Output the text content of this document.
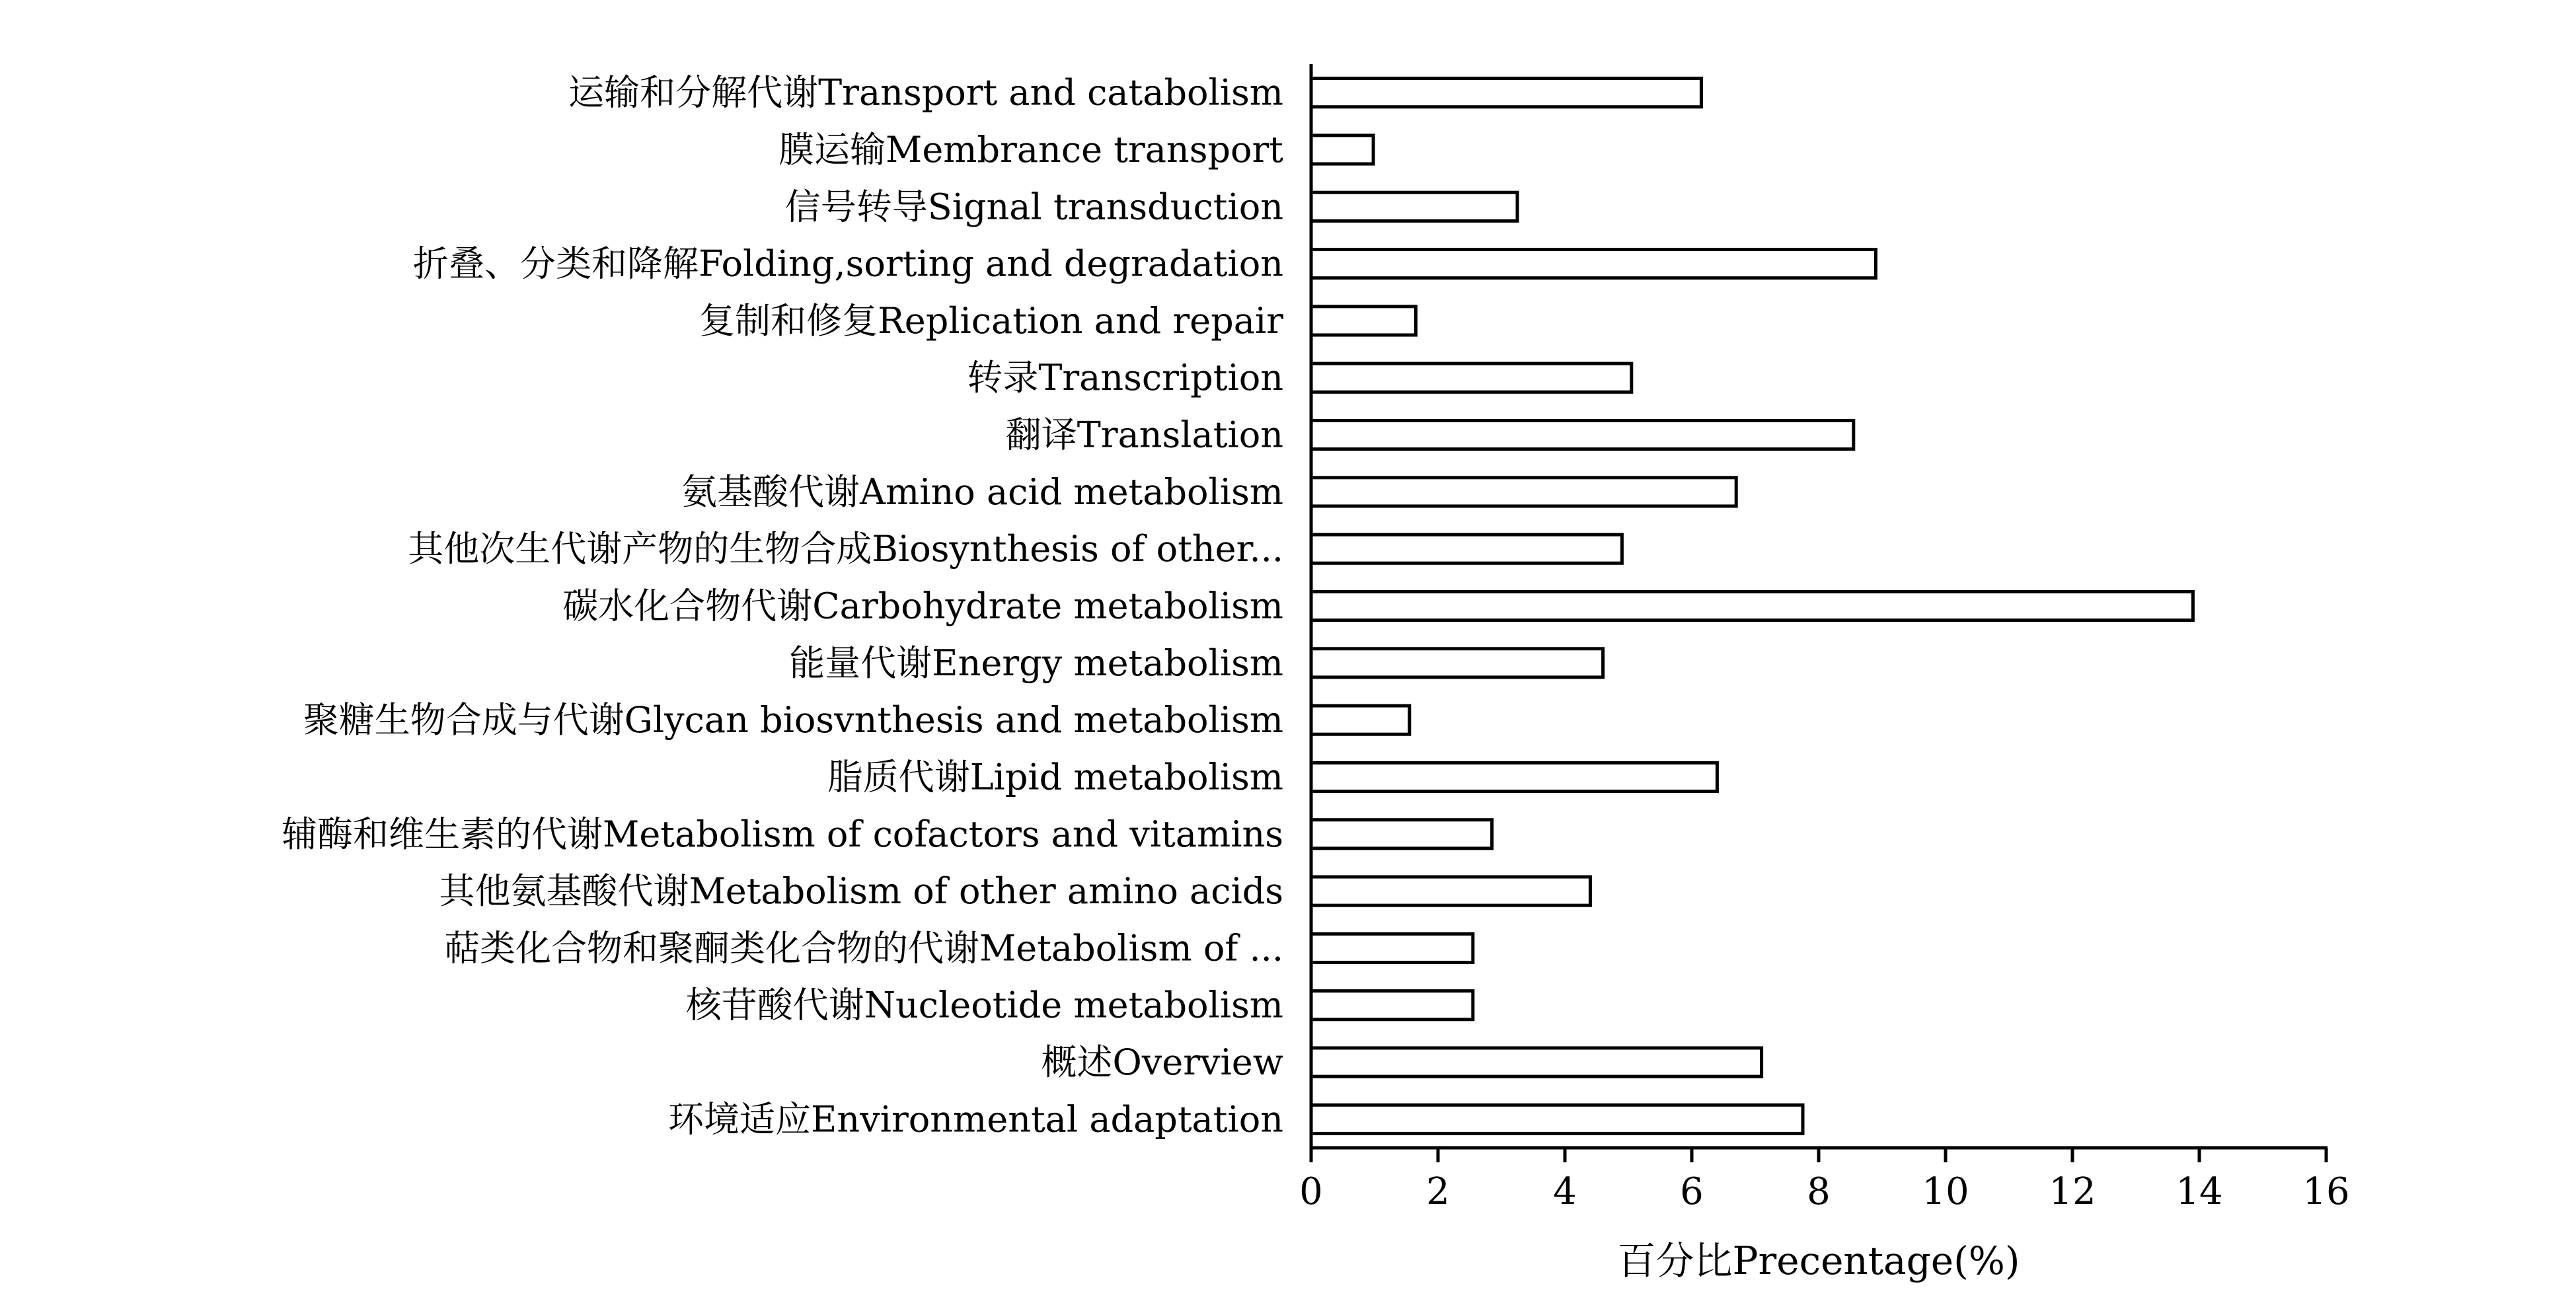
运输和分解代谢Transport and catabolism
膜运输Membrance transport
信号转导Signal transduction
折叠、分类和降解Folding,sorting and degradation
复制和修复Replication and repair
转录Transcription
翻译Translation
氨基酸代谢Amino acid metabolism
其他次生代谢产物的生物合成Biosynthesis of other...
碳水化合物代谢Carbohydrate metabolism
能量代谢Energy metabolism
聚糖生物合成与代谢Glycan biosvnthesis and metabolism
脂质代谢Lipid metabolism
辅酶和维生素的代谢Metabolism of cofactors and vitamins
其他氨基酸代谢Metabolism of other amino acids
萜类化合物和聚酮类化合物的代谢Metabolism of ...
核苷酸代谢Nucleotide metabolism
概述Overview
环境适应Environmental adaptation
0	2	4	6	8 10 12 14 16
百分比Precentage(%)
